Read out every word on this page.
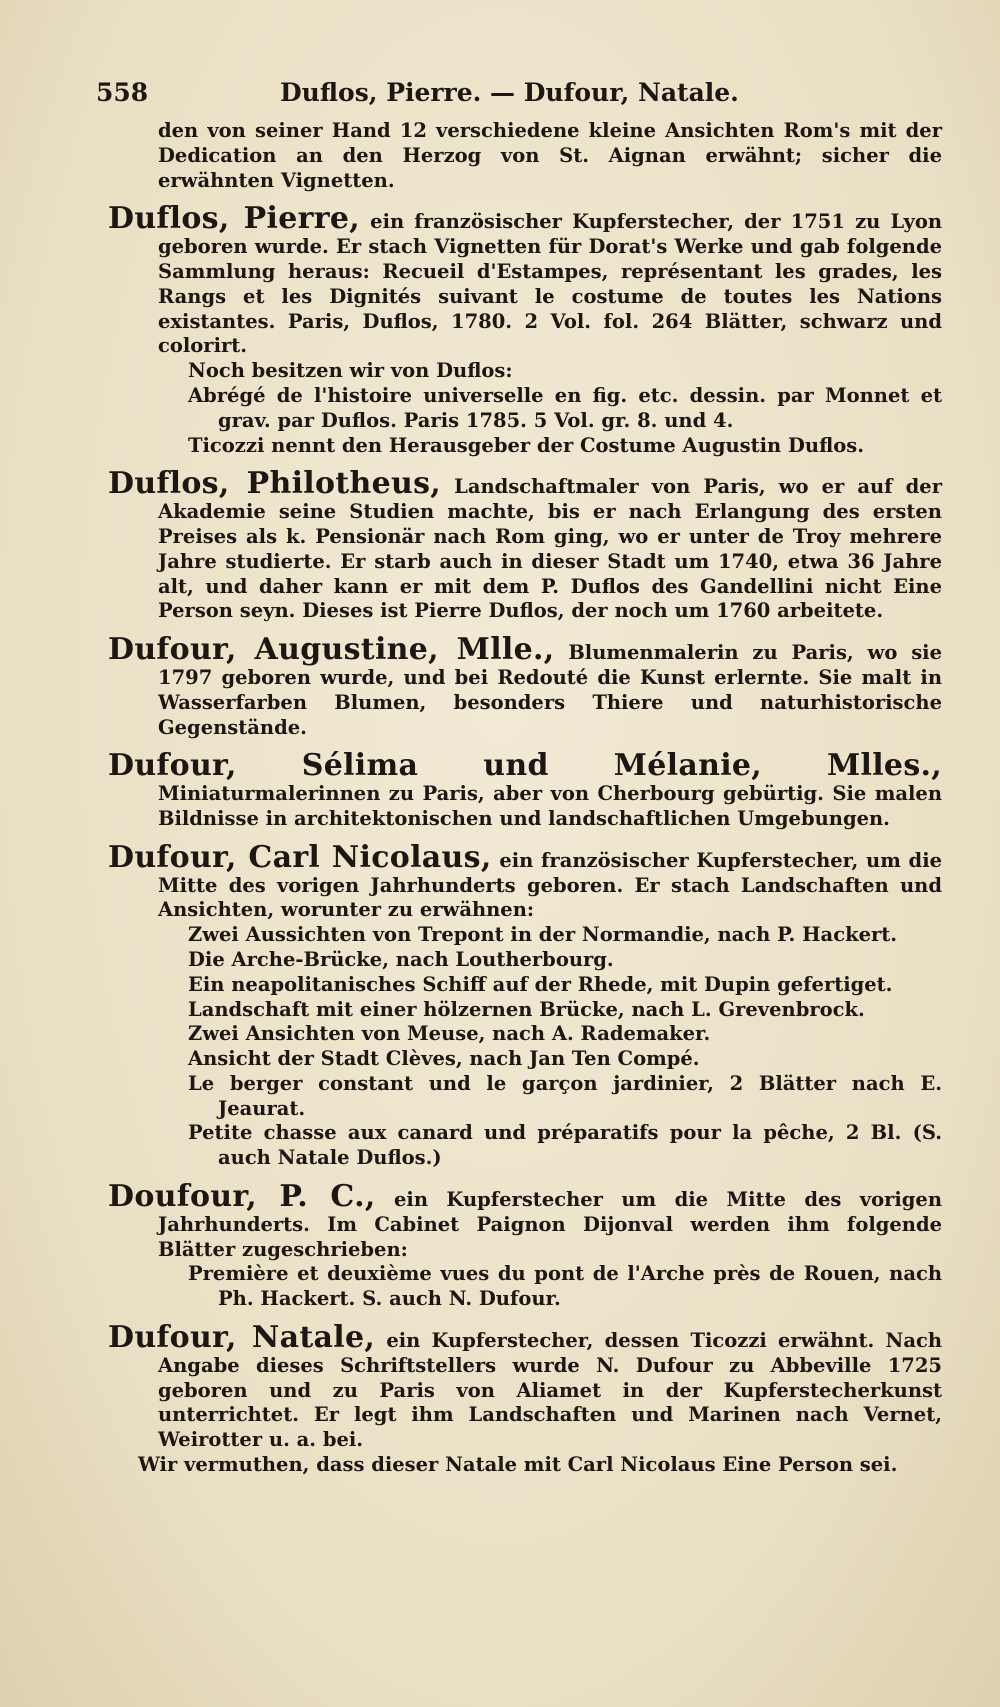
558	Duflos, Pierre. — Dufour, Natale.

den von seiner Hand 12 verschiedene kleine Ansichten Rom's mit der Dedication an den Herzog von St. Aignan erwähnt; sicher die erwähnten Vignetten.

Duflos, Pierre, ein französischer Kupferstecher, der 1751 zu Lyon geboren wurde. Er stach Vignetten für Dorat's Werke und gab folgende Sammlung heraus: Recueil d'Estampes, représentant les grades, les Rangs et les Dignités suivant le costume de toutes les Nations existantes. Paris, Duflos, 1780. 2 Vol. fol. 264 Blätter, schwarz und colorirt.

Noch besitzen wir von Duflos:

Abrégé de l'histoire universelle en fig. etc. dessin. par Monnet et grav. par Duflos. Paris 1785. 5 Vol. gr. 8. und 4.

Ticozzi nennt den Herausgeber der Costume Augustin Duflos.

Duflos, Philotheus, Landschaftmaler von Paris, wo er auf der Akademie seine Studien machte, bis er nach Erlangung des ersten Preises als k. Pensionär nach Rom ging, wo er unter de Troy mehrere Jahre studierte. Er starb auch in dieser Stadt um 1740, etwa 36 Jahre alt, und daher kann er mit dem P. Duflos des Gandellini nicht Eine Person seyn. Dieses ist Pierre Duflos, der noch um 1760 arbeitete.

Dufour, Augustine, Mlle., Blumenmalerin zu Paris, wo sie 1797 geboren wurde, und bei Redouté die Kunst erlernte. Sie malt in Wasserfarben Blumen, besonders Thiere und naturhistorische Gegenstände.

Dufour, Sélima und Mélanie, Mlles., Miniaturmalerinnen zu Paris, aber von Cherbourg gebürtig. Sie malen Bildnisse in architektonischen und landschaftlichen Umgebungen.

Dufour, Carl Nicolaus, ein französischer Kupferstecher, um die Mitte des vorigen Jahrhunderts geboren. Er stach Landschaften und Ansichten, worunter zu erwähnen:

Zwei Aussichten von Trepont in der Normandie, nach P. Hackert.

Die Arche-Brücke, nach Loutherbourg.

Ein neapolitanisches Schiff auf der Rhede, mit Dupin gefertiget.

Landschaft mit einer hölzernen Brücke, nach L. Grevenbrock.

Zwei Ansichten von Meuse, nach A. Rademaker.

Ansicht der Stadt Clèves, nach Jan Ten Compé.

Le berger constant und le garçon jardinier, 2 Blätter nach E. Jeaurat.

Petite chasse aux canard und préparatifs pour la pêche, 2 Bl. (S. auch Natale Duflos.)

Doufour, P. C., ein Kupferstecher um die Mitte des vorigen Jahrhunderts. Im Cabinet Paignon Dijonval werden ihm folgende Blätter zugeschrieben:

Première et deuxième vues du pont de l'Arche près de Rouen, nach Ph. Hackert. S. auch N. Dufour.

Dufour, Natale, ein Kupferstecher, dessen Ticozzi erwähnt. Nach Angabe dieses Schriftstellers wurde N. Dufour zu Abbeville 1725 geboren und zu Paris von Aliamet in der Kupferstecherkunst unterrichtet. Er legt ihm Landschaften und Marinen nach Vernet, Weirotter u. a. bei.

Wir vermuthen, dass dieser Natale mit Carl Nicolaus Eine Person sei.
